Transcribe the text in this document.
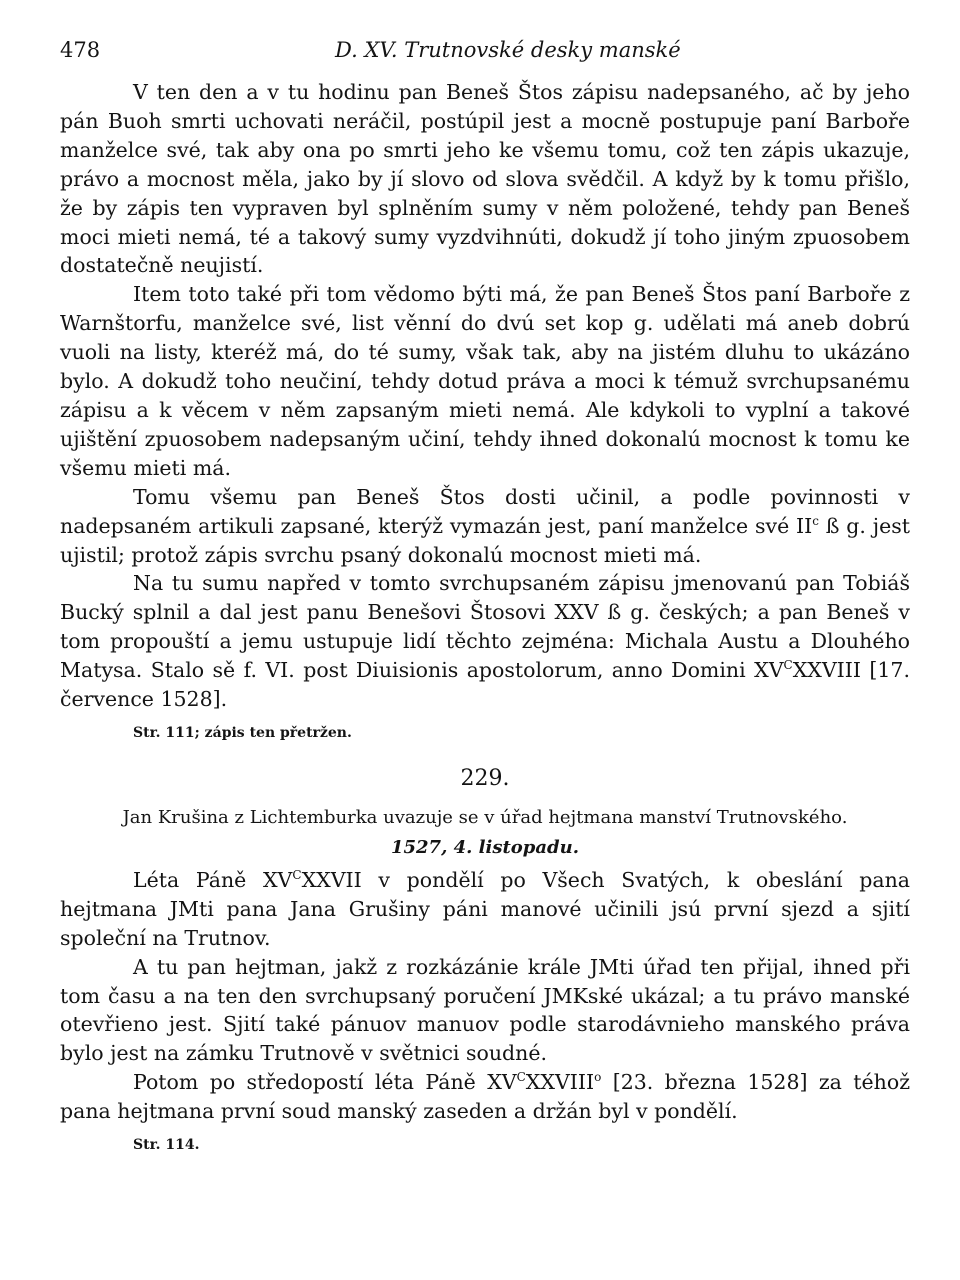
478	D. XV. Trutnovské desky manské

V ten den a v tu hodinu pan Beneš Štos zápisu nadepsaného, ač by jeho pán Buoh smrti uchovati neráčil, postúpil jest a mocně postupuje paní Barboře manželce své, tak aby ona po smrti jeho ke všemu tomu, což ten zápis ukazuje, právo a mocnost měla, jako by jí slovo od slova svědčil. A když by k tomu přišlo, že by zápis ten vypraven byl splněním sumy v něm položené, tehdy pan Beneš moci mieti nemá, té a takový sumy vyzdvihnúti, dokudž jí toho jiným zpuosobem dostatečně neujistí.

Item toto také při tom vědomo býti má, že pan Beneš Štos paní Barboře z Warnštorfu, manželce své, list věnní do dvú set kop g. udělati má aneb dobrú vuoli na listy, kteréž má, do té sumy, však tak, aby na jistém dluhu to ukázáno bylo. A dokudž toho neučiní, tehdy dotud práva a moci k témuž svrchupsanému zápisu a k věcem v něm zapsaným mieti nemá. Ale kdykoli to vyplní a takové ujištění zpuosobem nadepsaným učiní, tehdy ihned dokonalú mocnost k tomu ke všemu mieti má.

Tomu všemu pan Beneš Štos dosti učinil, a podle povinnosti v nadepsaném artikuli zapsané, kterýž vymazán jest, paní manželce své $II^c$ ß g. jest ujistil; protož zápis svrchu psaný dokonalú mocnost mieti má.

Na tu sumu napřed v tomto svrchupsaném zápisu jmenovanú pan Tobiáš Bucký splnil a dal jest panu Benešovi Štosovi XXV ß g. českých; a pan Beneš v tom propouští a jemu ustupuje lidí těchto zejména: Michala Austu a Dlouhého Matysa. Stalo sě f. VI. post Diuisionis apostolorum, anno Domini $XV^CXXVIII$ [17. července 1528].

Str. 111; zápis ten přetržen.
229.
Jan Krušina z Lichtemburka uvazuje se v úřad hejtmana manství Trutnovského.
1527, 4. listopadu.

Léta Páně $XV^CXXVII$ v pondělí po Všech Svatých, k obeslání pana hejtmana JMti pana Jana Grušiny páni manové učinili jsú první sjezd a sjití společní na Trutnov.

A tu pan hejtman, jakž z rozkázánie krále JMti úřad ten přijal, ihned při tom času a na ten den svrchupsaný poručení JMKské ukázal; a tu právo manské otevřieno jest. Sjití také pánuov manuov podle starodávnieho manského práva bylo jest na zámku Trutnově v světnici soudné.

Potom po středopostí léta Páně $XV^CXXVIII^o$ [23. března 1528] za téhož pana hejtmana první soud manský zaseden a držán byl v pondělí.

Str. 114.
